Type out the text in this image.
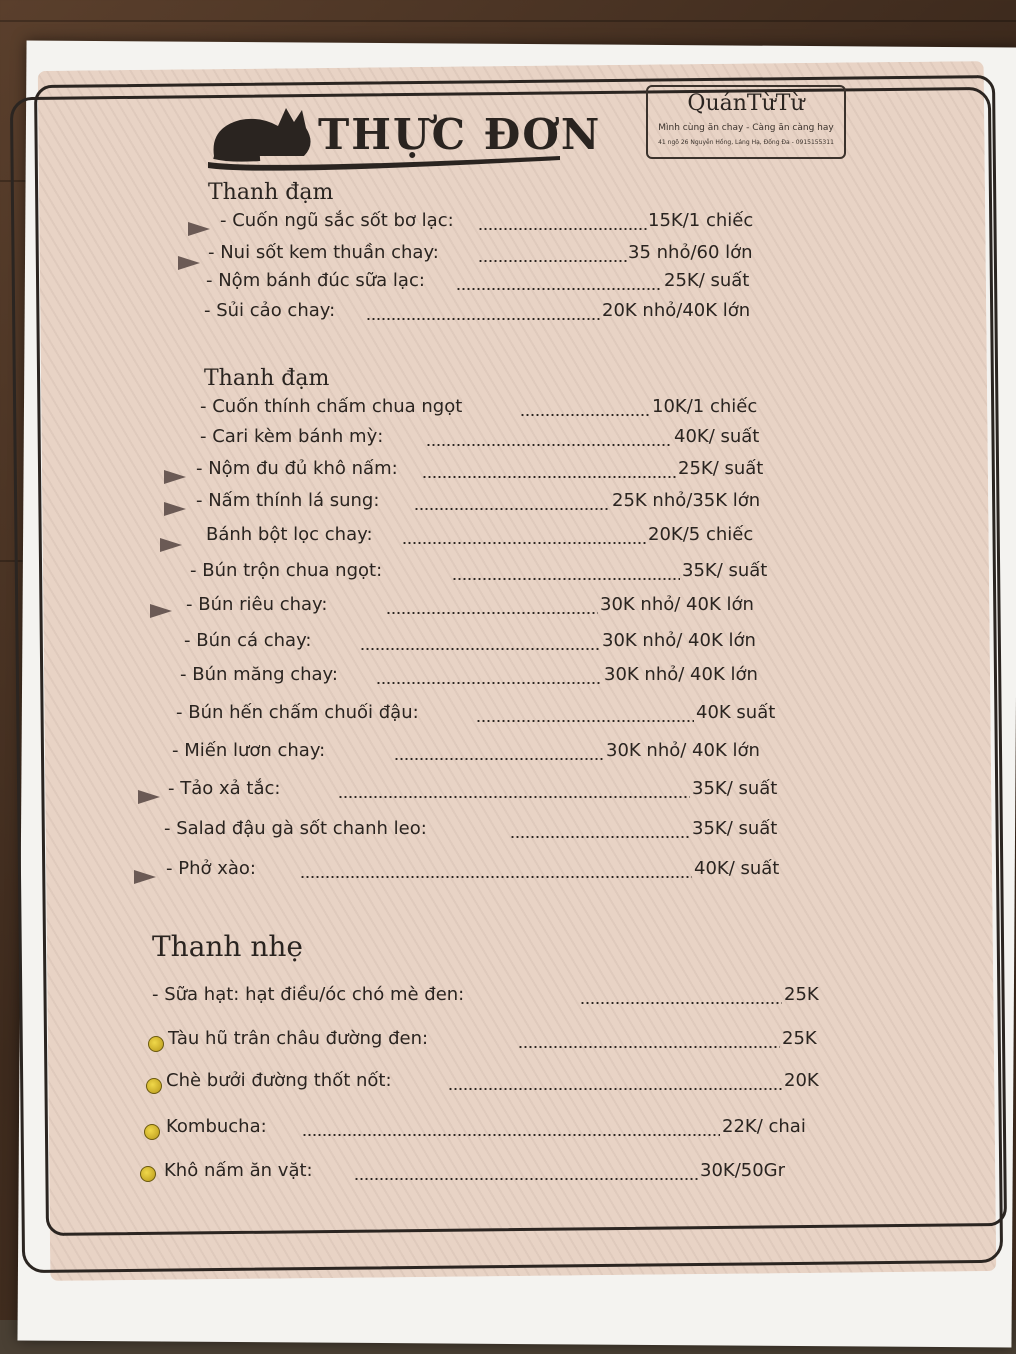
THỰC ĐƠN
QuánTừTừ
Mình cùng ăn chay - Càng ăn càng hay
41 ngõ 26 Nguyễn Hồng, Láng Hạ, Đống Đa - 0915155311
Thanh đạm
- Cuốn ngũ sắc sốt bơ lạc:	15K/1 chiếc
- Nui sốt kem thuần chay:	35 nhỏ/60 lớn
- Nộm bánh đúc sữa lạc:	25K/ suất
- Sủi cảo chay:	20K nhỏ/40K lớn
Thanh đạm
- Cuốn thính chấm chua ngọt	10K/1 chiếc
- Cari kèm bánh mỳ:	40K/ suất
- Nộm đu đủ khô nấm:	25K/ suất
- Nấm thính lá sung:	25K nhỏ/35K lớn
Bánh bột lọc chay:	20K/5 chiếc
- Bún trộn chua ngọt:	35K/ suất
- Bún riêu chay:	30K nhỏ/ 40K lớn
- Bún cá chay:	30K nhỏ/ 40K lớn
- Bún măng chay:	30K nhỏ/ 40K lớn
- Bún hến chấm chuối đậu:	40K suất
- Miến lươn chay:	30K nhỏ/ 40K lớn
- Tảo xả tắc:	35K/ suất
- Salad đậu gà sốt chanh leo:	35K/ suất
- Phở xào:	40K/ suất
Thanh nhẹ
- Sữa hạt: hạt điều/óc chó mè đen:	25K
Tàu hũ trân châu đường đen:	25K
Chè bưởi đường thốt nốt:	20K
Kombucha:	22K/ chai
Khô nấm ăn vặt:	30K/50Gr
